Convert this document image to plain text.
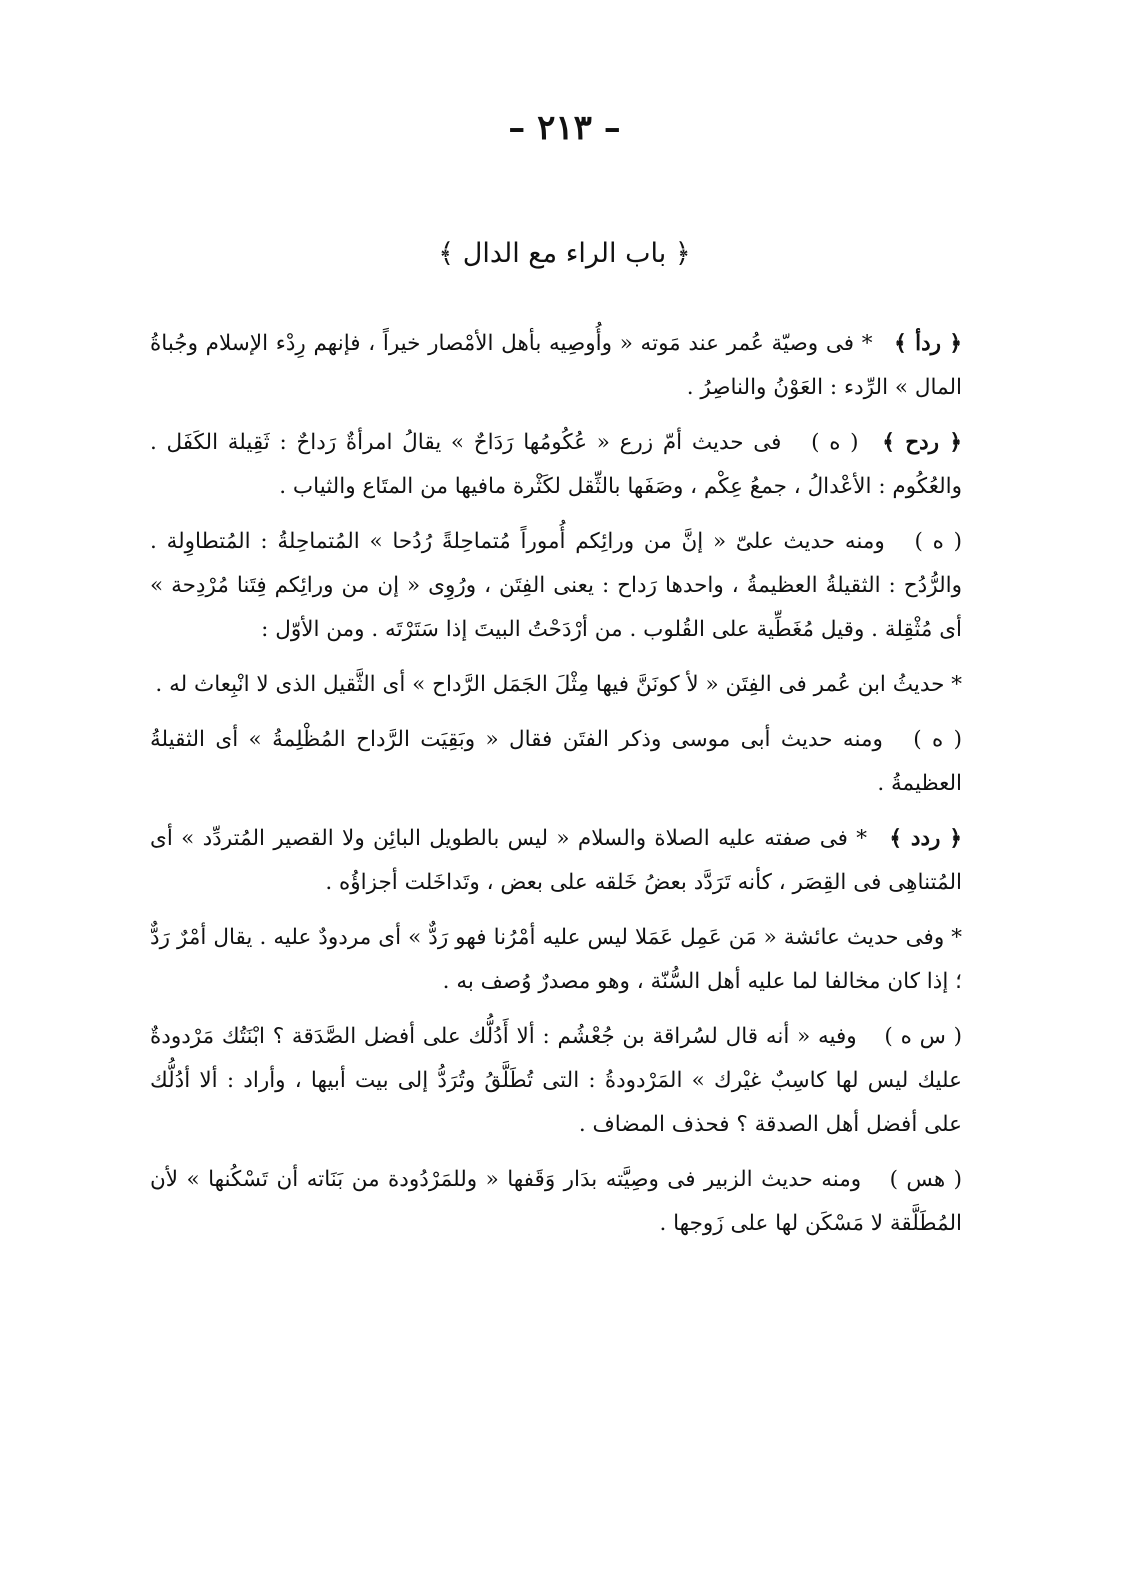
– ٢١٣ –
﴿ باب الراء مع الدال ﴾

﴿ ردأ ﴾ * فى وصيّة عُمر عند مَوته « وأُوصِيه بأهل الأمْصار خيراً ، فإنهم رِدْء الإسلام وجُباةُ المال » الرِّدء : العَوْنُ والناصِرُ .

﴿ ردح ﴾ ( ه ) فى حديث أمّ زرع « عُكُومُها رَدَاحٌ » يقالُ امرأةٌ رَداحٌ : ثَقِيلة الكَفَل . والعُكُوم : الأعْدالُ ، جمعُ عِكْم ، وصَفَها بالثِّقل لكَثْرة مافيها من المتَاع والثياب .

( ه ) ومنه حديث علىّ « إنَّ من ورائِكم أُموراً مُتماحِلةً رُدُحا » المُتماحِلةُ : المُتطاوِلة . والرُّدُح : الثقيلةُ العظيمةُ ، واحدها رَداح : يعنى الفِتَن ، ورُوِى « إن من ورائِكم فِتَنا مُرْدِحة » أى مُثْقِلة . وقيل مُغَطِّية على القُلوب . من أرْدَحْتُ البيتَ إذا سَتَرْتَه . ومن الأوّل :

* حديثُ ابن عُمر فى الفِتَن « لأ كونَنَّ فيها مِثْلَ الجَمَل الرَّداح » أى الثَّقيل الذى لا انْبِعاث له .

( ه ) ومنه حديث أبى موسى وذكر الفتَن فقال « وبَقِيَت الرَّداح المُظْلِمةُ » أى الثقيلةُ العظيمةُ .

﴿ ردد ﴾ * فى صفته عليه الصلاة والسلام « ليس بالطويل البائِن ولا القصير المُتردِّد » أى المُتناهِى فى القِصَر ، كأنه تَرَدَّد بعضُ خَلقه على بعض ، وتَداخَلت أجزاؤُه .

* وفى حديث عائشة « مَن عَمِل عَمَلا ليس عليه أمْرُنا فهو رَدٌّ » أى مردودٌ عليه . يقال أمْرٌ رَدٌّ ؛ إذا كان مخالفا لما عليه أهل السُّنّة ، وهو مصدرٌ وُصف به .

( س ه ) وفيه « أنه قال لسُراقة بن جُعْشُم : ألا أَدُلُّك على أفضل الصَّدَقة ؟ ابْنَتُك مَرْدودةٌ عليك ليس لها كاسِبٌ غيْرك » المَرْدودةُ : التى تُطَلَّقُ وتُرَدُّ إلى بيت أبيها ، وأراد : ألا أدُلُّك على أفضل أهل الصدقة ؟ فحذف المضاف .

( هس ) ومنه حديث الزبير فى وصِيَّته بدَار وَقَفها « وللمَرْدُودة من بَنَاته أن تَسْكُنها » لأن المُطَلَّقة لا مَسْكَن لها على زَوجها .
